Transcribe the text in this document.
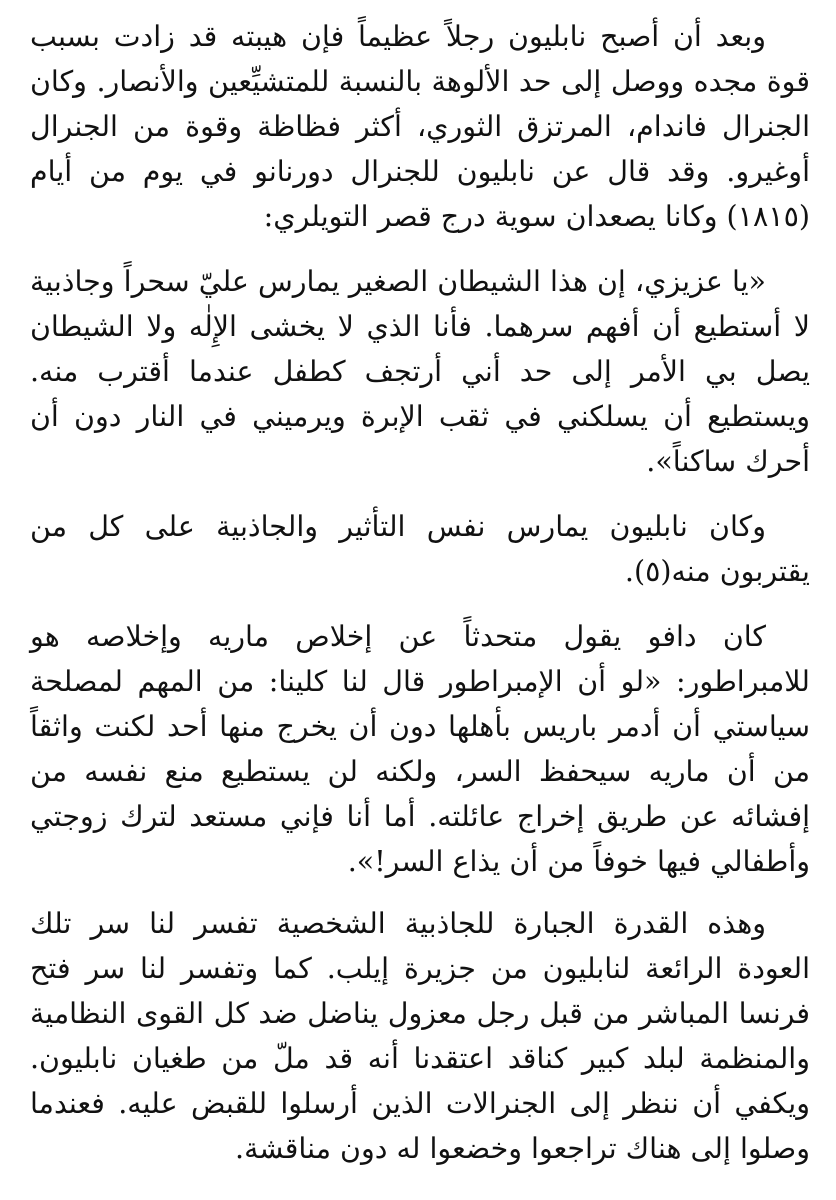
وبعد أن أصبح نابليون رجلاً عظيماً فإن هيبته قد زادت بسبب قوة مجده ووصل إلى حد الألوهة بالنسبة للمتشيِّعين والأنصار. وكان الجنرال فاندام، المرتزق الثوري، أكثر فظاظة وقوة من الجنرال أوغيرو. وقد قال عن نابليون للجنرال دورنانو في يوم من أيام (١٨١٥) وكانا يصعدان سوية درج قصر التويلري:

«يا عزيزي، إن هذا الشيطان الصغير يمارس عليّ سحراً وجاذبية لا أستطيع أن أفهم سرهما. فأنا الذي لا يخشى الإِلٰه ولا الشيطان يصل بي الأمر إلى حد أني أرتجف كطفل عندما أقترب منه. ويستطيع أن يسلكني في ثقب الإبرة ويرميني في النار دون أن أحرك ساكناً».

وكان نابليون يمارس نفس التأثير والجاذبية على كل من يقتربون منه(٥).

كان دافو يقول متحدثاً عن إخلاص ماريه وإخلاصه هو للامبراطور: «لو أن الإمبراطور قال لنا كلينا: من المهم لمصلحة سياستي أن أدمر باريس بأهلها دون أن يخرج منها أحد لكنت واثقاً من أن ماريه سيحفظ السر، ولكنه لن يستطيع منع نفسه من إفشائه عن طريق إخراج عائلته. أما أنا فإني مستعد لترك زوجتي وأطفالي فيها خوفاً من أن يذاع السر!».

وهذه القدرة الجبارة للجاذبية الشخصية تفسر لنا سر تلك العودة الرائعة لنابليون من جزيرة إيلب. كما وتفسر لنا سر فتح فرنسا المباشر من قبل رجل معزول يناضل ضد كل القوى النظامية والمنظمة لبلد كبير كناقد اعتقدنا أنه قد ملّ من طغيان نابليون. ويكفي أن ننظر إلى الجنرالات الذين أرسلوا للقبض عليه. فعندما وصلوا إلى هناك تراجعوا وخضعوا له دون مناقشة.
